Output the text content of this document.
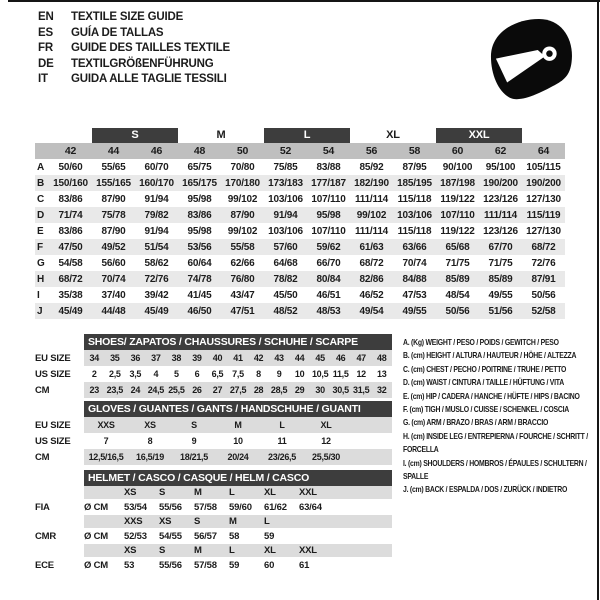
EN	TEXTILE SIZE GUIDE
ES	GUÍA DE TALLAS
FR	GUIDE DES TAILLES TEXTILE
DE	TEXTILGRÖßENFÜHRUNG
IT	GUIDA ALLE TAGLIE TESSILI
S	M	L	XL	XXL
42	44	46	48	50	52	54	56	58	60	62	64
A	50/60	55/65	60/70	65/75	70/80	75/85	83/88	85/92	87/95	90/100	95/100	105/115
B 150/160 155/165 160/170 165/175 170/180 173/183 177/187 182/190 185/195 187/198 190/200 190/200
C	83/86	87/90	91/94	95/98	99/102	103/106 107/110 111/114 115/118 119/122 123/126 127/130
D	71/74	75/78	79/82	83/86	87/90	91/94	95/98	99/102	103/106 107/110 111/114 115/119
E	83/86	87/90	91/94	95/98	99/102	103/106 107/110 111/114 115/118 119/122 123/126 127/130
F	47/50	49/52	51/54	53/56	55/58	57/60	59/62	61/63	63/66	65/68	67/70	68/72
G	54/58	56/60	58/62	60/64	62/66	64/68	66/70	68/72	70/74	71/75	71/75	72/76
H	68/72	70/74	72/76	74/78	76/80	78/82	80/84	82/86	84/88	85/89	85/89	87/91
I	35/38	37/40	39/42	41/45	43/47	45/50	46/51	46/52	47/53	48/54	49/55	50/56
J	45/49	44/48	45/49	46/50	47/51	48/52	48/53	49/54	49/55	50/56	51/56	52/58
SHOES/ ZAPATOS / CHAUSSURES / SCHUHE / SCARPE
EU SIZE	34	35	36	37	38	39	40	41	42	43	44	45	46	47	48
US SIZE	2	2,5 3,5	4	5	6	6,5 7,5	8	9	10 10,5 11,5 12	13
CM	23 23,5 24 24,5 25,5 26	27 27,5 28 28,5 29	30 30,5 31,5 32
GLOVES / GUANTES / GANTS / HANDSCHUHE / GUANTI
EU SIZE	XXS	XS	S	M	L	XL
US SIZE	7	8	9	10	11	12
CM	12,5/16,5	16,5/19	18/21,5	20/24	23/26,5	25,5/30
HELMET / CASCO / CASQUE / HELM / CASCO
XS	S	M	L	XL	XXL
FIA	Ø CM	53/54	55/56	57/58	59/60	61/62	63/64
XXS	XS	S	M	L
CMR	Ø CM	52/53	54/55	56/57	58	59
XS	S	M	L	XL	XXL
ECE	Ø CM	53	55/56	57/58	59	60	61
A. (Kg) WEIGHT / PESO / POIDS / GEWITCH / PESO
B. (cm) HEIGHT / ALTURA / HAUTEUR / HÖHE / ALTEZZA
C. (cm) CHEST / PECHO / POITRINE / TRUHE / PETTO
D. (cm) WAIST / CINTURA / TAILLE / HÜFTUNG / VITA
E. (cm) HIP / CADERA / HANCHE / HÜFTE / HIPS / BACINO
F. (cm) TIGH / MUSLO / CUISSE / SCHENKEL / COSCIA
G. (cm) ARM / BRAZO / BRAS / ARM / BRACCIO
H. (cm) INSIDE LEG / ENTREPIERNA / FOURCHE / SCHRITT / FORCELLA
I. (cm) SHOULDERS / HOMBROS / ÉPAULES / SCHULTERN / SPALLE
J. (cm) BACK / ESPALDA / DOS / ZURÜCK / INDIETRO
